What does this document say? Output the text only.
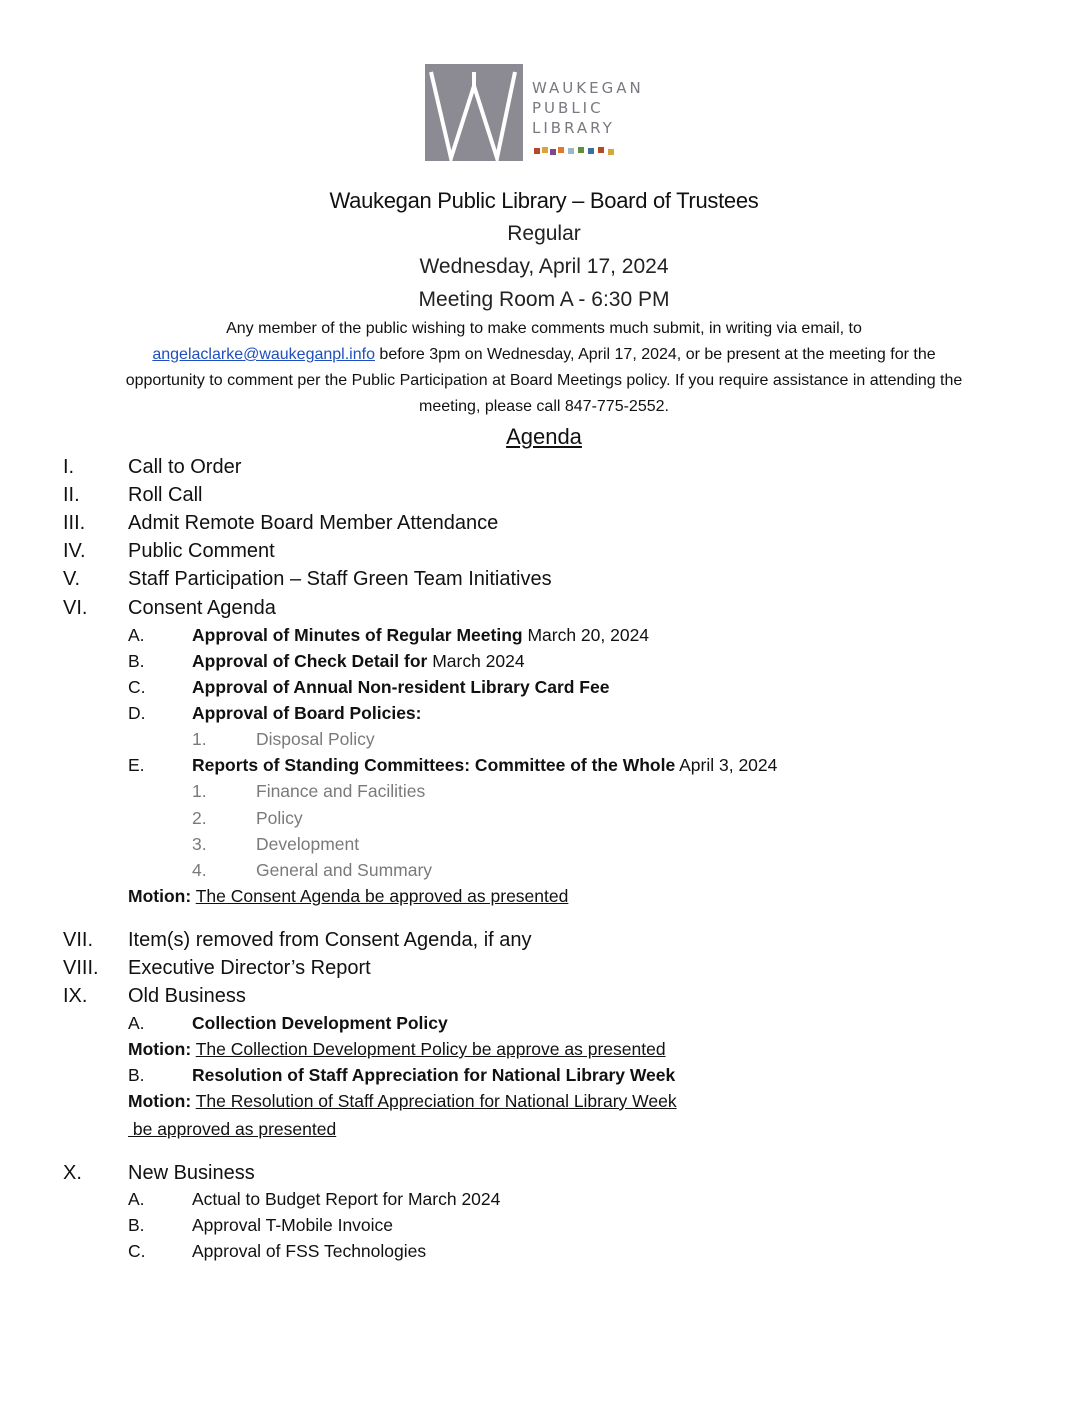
WAUKEGAN
PUBLIC
LIBRARY
Waukegan Public Library – Board of Trustees
Regular
Wednesday, April 17, 2024
Meeting Room A - 6:30 PM
Any member of the public wishing to make comments much submit, in writing via email, to
angelaclarke@waukeganpl.info before 3pm on Wednesday, April 17, 2024, or be present at the meeting for the
opportunity to comment per the Public Participation at Board Meetings policy. If you require assistance in attending the
meeting, please call 847-775-2552.
Agenda
I.	Call to Order
II. Roll Call
III. Admit Remote Board Member Attendance
IV. Public Comment
V. Staff Participation – Staff Green Team Initiatives
VI. Consent Agenda
A.	Approval of Minutes of Regular Meeting March 20, 2024
B.	Approval of Check Detail for March 2024
C.	Approval of Annual Non-resident Library Card Fee
D.	Approval of Board Policies:
1.	Disposal Policy
E.	Reports of Standing Committees: Committee of the Whole April 3, 2024
1.	Finance and Facilities
2.	Policy
3.	Development
4.	General and Summary
Motion: The Consent Agenda be approved as presented
VII. Item(s) removed from Consent Agenda, if any
VIII. Executive Director’s Report
IX. Old Business
A.	Collection Development Policy
Motion: The Collection Development Policy be approve as presented
B.	Resolution of Staff Appreciation for National Library Week
Motion: The Resolution of Staff Appreciation for National Library Week
be approved as presented
X. New Business
A.	Actual to Budget Report for March 2024
B.	Approval T-Mobile Invoice
C.	Approval of FSS Technologies
